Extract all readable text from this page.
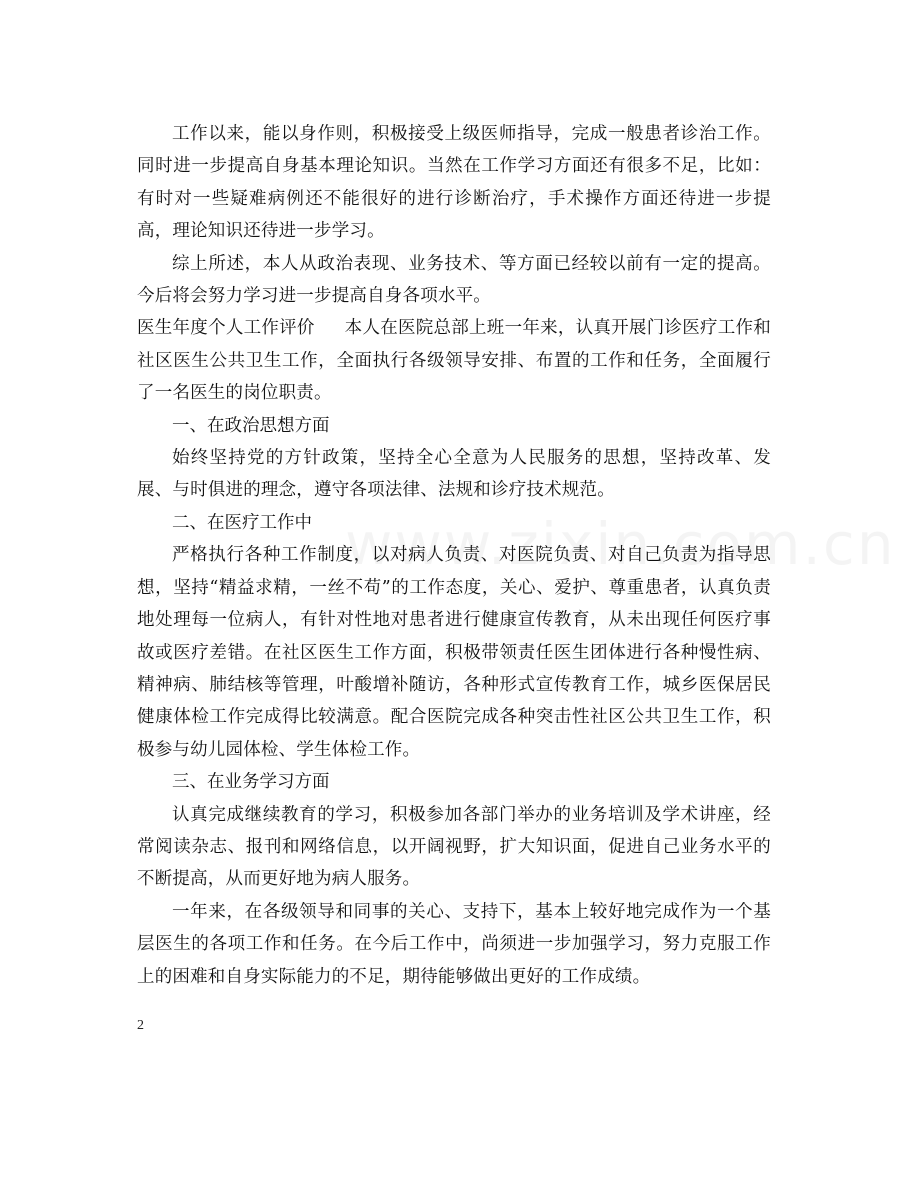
工作以来，能以身作则，积极接受上级医师指导，完成一般患者诊治工作。同时进一步提高自身基本理论知识。当然在工作学习方面还有很多不足，比如：有时对一些疑难病例还不能很好的进行诊断治疗，手术操作方面还待进一步提高，理论知识还待进一步学习。

综上所述，本人从政治表现、业务技术、等方面已经较以前有一定的提高。今后将会努力学习进一步提高自身各项水平。

医生年度个人工作评价 本人在医院总部上班一年来，认真开展门诊医疗工作和社区医生公共卫生工作，全面执行各级领导安排、布置的工作和任务，全面履行了一名医生的岗位职责。

一、在政治思想方面

始终坚持党的方针政策，坚持全心全意为人民服务的思想，坚持改革、发展、与时俱进的理念，遵守各项法律、法规和诊疗技术规范。

二、在医疗工作中

严格执行各种工作制度，以对病人负责、对医院负责、对自己负责为指导思想，坚持“精益求精，一丝不苟”的工作态度，关心、爱护、尊重患者，认真负责地处理每一位病人，有针对性地对患者进行健康宣传教育，从未出现任何医疗事故或医疗差错。在社区医生工作方面，积极带领责任医生团体进行各种慢性病、精神病、肺结核等管理，叶酸增补随访，各种形式宣传教育工作，城乡医保居民健康体检工作完成得比较满意。配合医院完成各种突击性社区公共卫生工作，积极参与幼儿园体检、学生体检工作。

三、在业务学习方面

认真完成继续教育的学习，积极参加各部门举办的业务培训及学术讲座，经常阅读杂志、报刊和网络信息，以开阔视野，扩大知识面，促进自己业务水平的不断提高，从而更好地为病人服务。

一年来，在各级领导和同事的关心、支持下，基本上较好地完成作为一个基层医生的各项工作和任务。在今后工作中，尚须进一步加强学习，努力克服工作上的困难和自身实际能力的不足，期待能够做出更好的工作成绩。

2
